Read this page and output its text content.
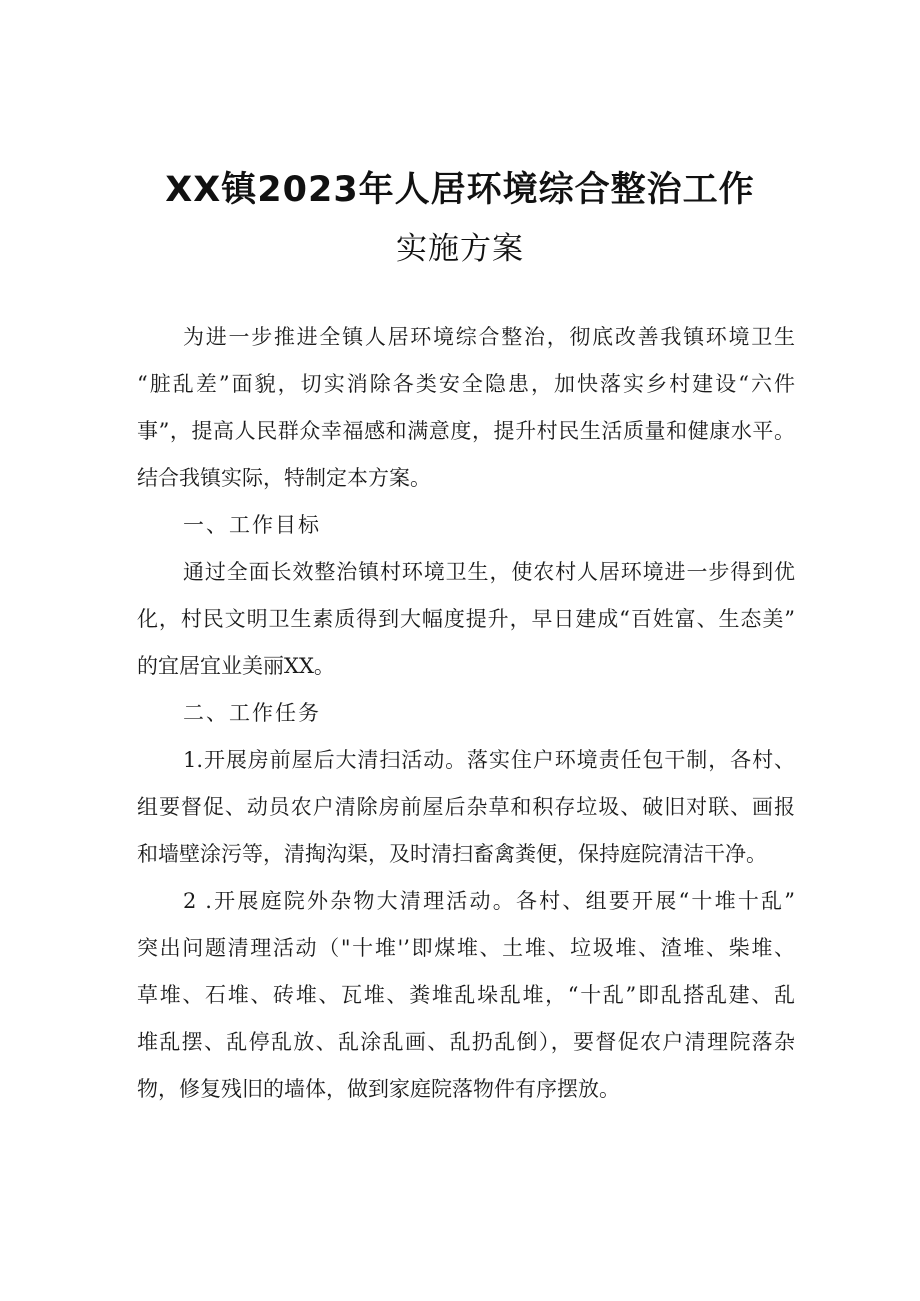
XX镇2023年人居环境综合整治工作
实施方案
为进一步推进全镇人居环境综合整治，彻底改善我镇环境卫生
“脏乱差”面貌，切实消除各类安全隐患，加快落实乡村建设“六件
事”，提高人民群众幸福感和满意度，提升村民生活质量和健康水平。
结合我镇实际，特制定本方案。
一、工作目标
通过全面长效整治镇村环境卫生，使农村人居环境进一步得到优
化，村民文明卫生素质得到大幅度提升，早日建成“百姓富、生态美”
的宜居宜业美丽XX。
二、工作任务
1.开展房前屋后大清扫活动。落实住户环境责任包干制，各村、
组要督促、动员农户清除房前屋后杂草和积存垃圾、破旧对联、画报
和墙壁涂污等，清掏沟渠，及时清扫畜禽粪便，保持庭院清洁干净。
2 .开展庭院外杂物大清理活动。各村、组要开展“十堆十乱”
突出问题清理活动（"十堆'’即煤堆、土堆、垃圾堆、渣堆、柴堆、
草堆、石堆、砖堆、瓦堆、粪堆乱垛乱堆，“十乱”即乱搭乱建、乱
堆乱摆、乱停乱放、乱涂乱画、乱扔乱倒），要督促农户清理院落杂
物，修复残旧的墙体，做到家庭院落物件有序摆放。
